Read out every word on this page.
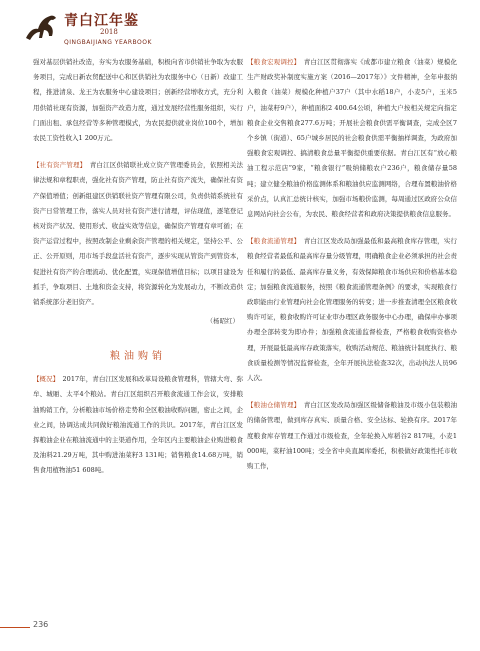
青白江年鉴
2018
QINGBAIJIANG YEARBOOK

强对基层供销社改造，夯实为农服务基础，积极向省市供销社争取为农服务项目，完成日新农贸配送中心和区供销社为农服务中心（日新）改建工程，推进清泉、龙王为农服务中心建设项目；创新经营增收方式，充分利用供销社现有资源，加强资产改造力度，通过发展经营性服务组织，实行门面出租、承包经营等多种管理模式，为农民提供就业岗位100个，增加农民工资性收入1 200万元。

【社有资产管理】　 青白江区供销联社成立资产管理委员会，依照相关法律法规和章程职责，强化社有资产管理，防止社有资产流失，确保社有资产保值增值；创新组建区供销联社资产管理有限公司，负责供销系统社有资产日常管理工作，落实人员对社有资产进行清理，评估现值，逐笔登记核对资产状况、使用形式、收益实效等信息，确保资产管理有章可循；在资产运营过程中，按照改制企业剩余资产管理的相关规定，坚持公平、公正、公开原则，用市场手段盘活社有资产，逐步实现从管资产到管资本，促进社有资产的合理流动、优化配置，实现保值增值目标；以项目建设为抓手，争取项目、土地和资金支持，将资源转化为发展动力，不断改造供销系统部分老旧资产。

（杨昭红）
粮油购销

【概况】　 2017年，青白江区发展和改革局设粮食管理科，管辖大弯、弥牟、城厢、太平4个粮站。青白江区组织召开粮食流通工作会议，安排粮油购销工作，分析粮油市场价格走势和全区粮油收购问题，密止之间，企业之间，协调达成共同做好粮油流通工作的共识。2017年，青白江区发挥粮油企业在粮油流通中的主渠道作用，全年区内主要粮油企业购进粮食及油料21.29万吨，其中购进油菜籽3 131吨；销售粮食14.68万吨，销售食用植物油51 608吨。

【粮食宏观调控】　 青白江区贯彻落实《成都市建立粮食（油菜）规模化生产财政奖补制度实施方案（2016—2017年）》文件精神，全年申报纳入粮食（油菜）规模化种植户37户（其中水稻18户，小麦5户，玉米5户，油菜籽9户），种植面积2 400.64公顷，种植大户按相关规定向指定粮食企业交售粮食277.6万吨；开展社会粮食供需平衡调查，完成全区7个乡镇（街道）、65户城乡居民的社会粮食供需平衡抽样调查，为政府加强粮食宏观调控、搞清粮食总量平衡提供重要依据。青白江区有“放心粮油工程示范店”9家，“粮食银行”吸纳储粮农户236户，粮食储存量58吨；建立健全粮油价格监测体系和粮油供应监测网络，合理布置粮油价格采价点，认真汇总统计核实，加强市场粮价监测，每周通过区政府公众信息网站向社会公布，为农民、粮食经营者和政府决策提供粮食信息服务。

【粮食流通管理】　 青白江区发改局加强最低和最高粮食库存管理，实行粮食经营者最低和最高库存量分级管理，明确粮食企业必须承担的社会责任和履行的最低、最高库存量义务，有效保障粮食市场供应和价格基本稳定；加强粮食流通服务，按照《粮食流通管理条例》的要求，实现粮食行政职能由行业管理向社会化管理服务的转变；进一步推查清理全区粮食收购许可证，粮食收购许可证业审办理区政务服务中心办理，确保申办事项办理全部转变为即办件；加强粮食流通监督检查，严格粮食收购资格办理，开展最低最高库存政策落实，收购活动规范、粮油统计制度执行、粮食质量检测等情况监督检查，全年开展执法检查32次，出动执法人员96人次。

【粮油仓储管理】　 青白江区发改局加强区级储备粮油及市级小包装粮油的储备管理，做到库存真实、质量合格、安全达标、轮换有序。2017年度粮食库存管理工作通过市级检查，全年轮换入库稻谷2 817吨，小麦1 000吨，菜籽油100吨；受全省中央直属库委托，积极做好政策性托市收购工作，

236
